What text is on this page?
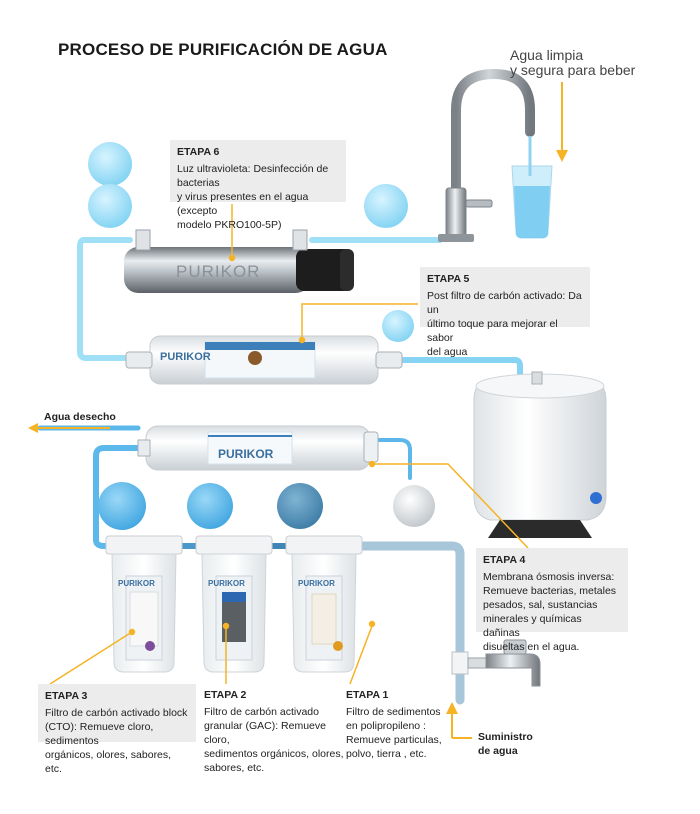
PURIKOR
PURIKOR
PURIKOR
PURIKOR	PURIKOR	PURIKOR
PROCESO DE PURIFICACIÓN DE AGUA	Agua limpia
y segura para beber
Agua desecho
Suministro
de agua
ETAPA 6
Luz ultravioleta: Desinfección de bacterias
y virus presentes en el agua (excepto
modelo PKRO100-5P)
ETAPA 5
Post filtro de carbón activado: Da un
último toque para mejorar el sabor
del agua
ETAPA 4
Membrana ósmosis inversa:
Remueve bacterias, metales
pesados, sal, sustancias
minerales y químicas dañinas
disueltas en el agua.
ETAPA 3
Filtro de carbón activado block
(CTO): Remueve cloro, sedimentos
orgánicos, olores, sabores, etc.
ETAPA 2
Filtro de carbón activado
granular (GAC): Remueve cloro,
sedimentos orgánicos, olores,
sabores, etc.
ETAPA 1
Filtro de sedimentos
en polipropileno :
Remueve particulas,
polvo, tierra , etc.
